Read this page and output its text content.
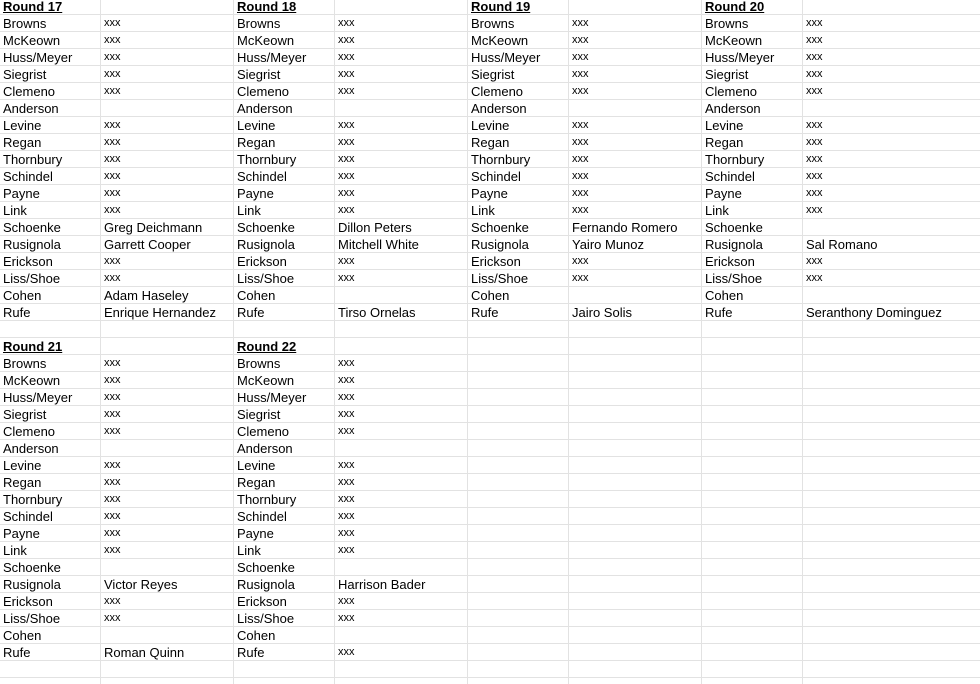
Round 17
Browns	xxx
McKeown	xxx
Huss/Meyer	xxx
Siegrist	xxx
Clemeno	xxx
Anderson
Levine	xxx
Regan	xxx
Thornbury	xxx
Schindel	xxx
Payne	xxx
Link	xxx
Schoenke	Greg Deichmann
Rusignola	Garrett Cooper
Erickson	xxx
Liss/Shoe	xxx
Cohen	Adam Haseley
Rufe	Enrique Hernandez
Round 18
Browns	xxx
McKeown	xxx
Huss/Meyer	xxx
Siegrist	xxx
Clemeno	xxx
Anderson
Levine	xxx
Regan	xxx
Thornbury	xxx
Schindel	xxx
Payne	xxx
Link	xxx
Schoenke	Dillon Peters
Rusignola	Mitchell White
Erickson	xxx
Liss/Shoe	xxx
Cohen
Rufe	Tirso Ornelas
Round 19
Browns	xxx
McKeown	xxx
Huss/Meyer	xxx
Siegrist	xxx
Clemeno	xxx
Anderson
Levine	xxx
Regan	xxx
Thornbury	xxx
Schindel	xxx
Payne	xxx
Link	xxx
Schoenke	Fernando Romero
Rusignola	Yairo Munoz
Erickson	xxx
Liss/Shoe	xxx
Cohen
Rufe	Jairo Solis
Round 20
Browns	xxx
McKeown	xxx
Huss/Meyer	xxx
Siegrist	xxx
Clemeno	xxx
Anderson
Levine	xxx
Regan	xxx
Thornbury	xxx
Schindel	xxx
Payne	xxx
Link	xxx
Schoenke
Rusignola	Sal Romano
Erickson	xxx
Liss/Shoe	xxx
Cohen
Rufe	Seranthony Dominguez
Round 21
Browns	xxx
McKeown	xxx
Huss/Meyer	xxx
Siegrist	xxx
Clemeno	xxx
Anderson
Levine	xxx
Regan	xxx
Thornbury	xxx
Schindel	xxx
Payne	xxx
Link	xxx
Schoenke
Rusignola	Victor Reyes
Erickson	xxx
Liss/Shoe	xxx
Cohen
Rufe	Roman Quinn
Round 22
Browns	xxx
McKeown	xxx
Huss/Meyer	xxx
Siegrist	xxx
Clemeno	xxx
Anderson
Levine	xxx
Regan	xxx
Thornbury	xxx
Schindel	xxx
Payne	xxx
Link	xxx
Schoenke
Rusignola	Harrison Bader
Erickson	xxx
Liss/Shoe	xxx
Cohen
Rufe	xxx
